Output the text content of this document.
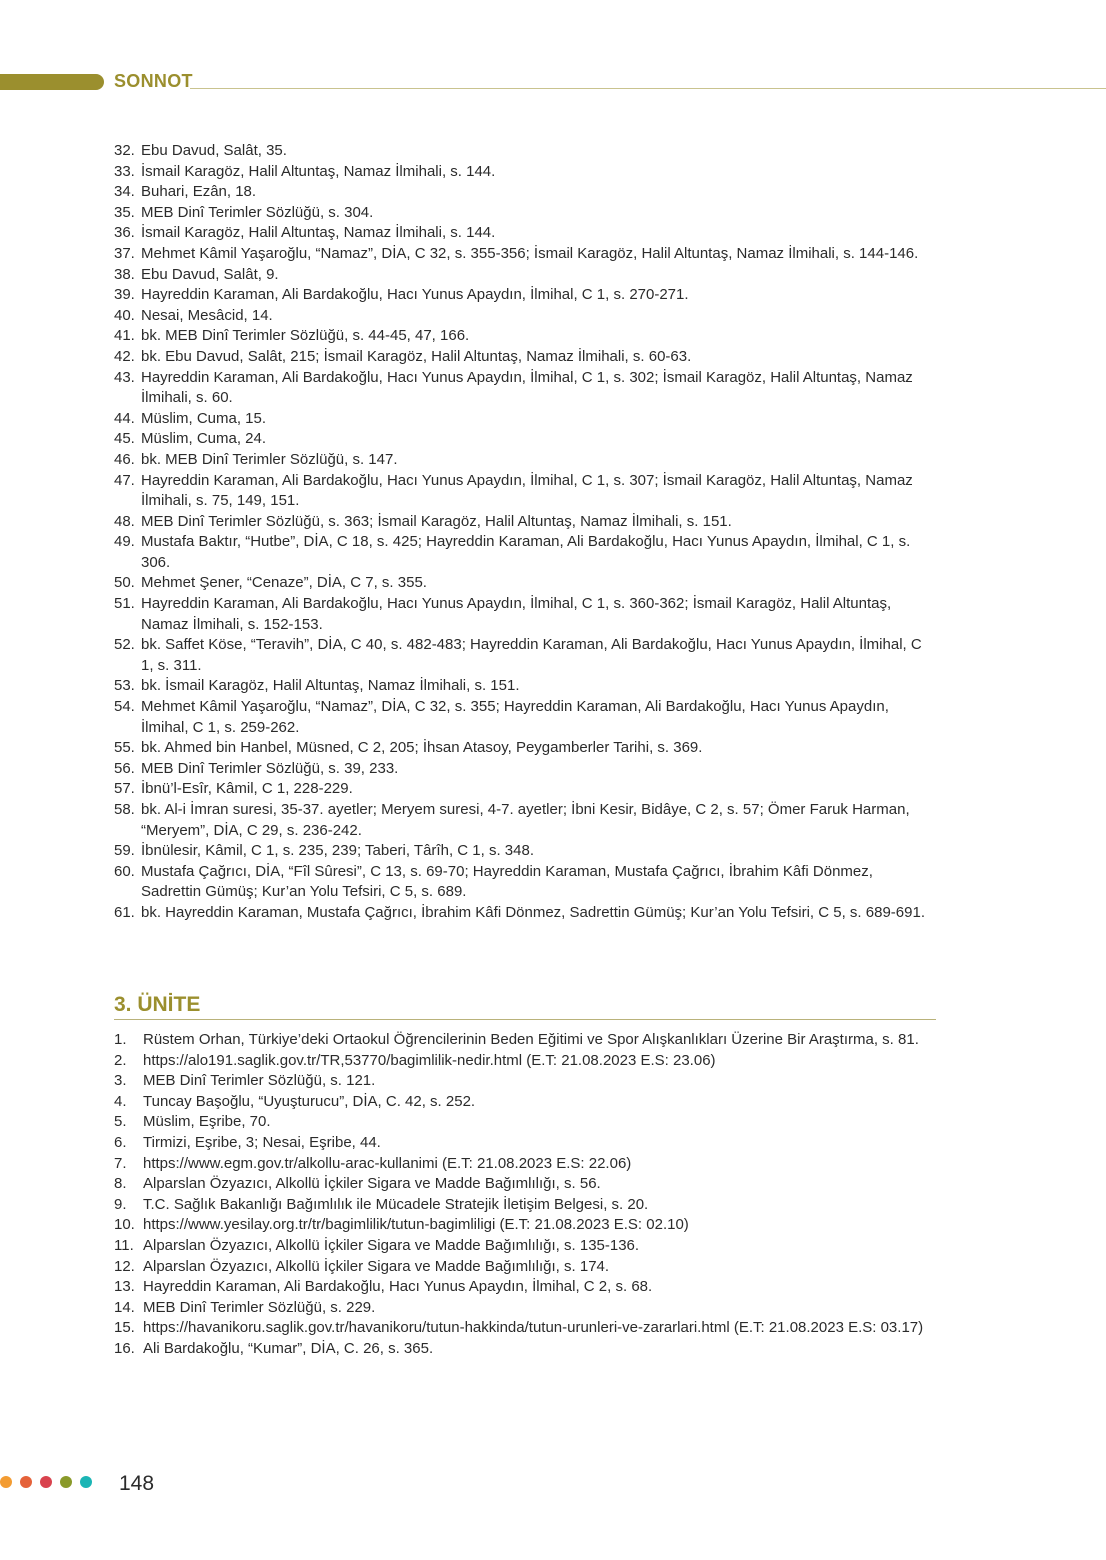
SONNOT
32. Ebu Davud, Salât, 35.
33. İsmail Karagöz, Halil Altuntaş, Namaz İlmihali, s. 144.
34. Buhari, Ezân, 18.
35. MEB Dinî Terimler Sözlüğü, s. 304.
36. İsmail Karagöz, Halil Altuntaş, Namaz İlmihali, s. 144.
37. Mehmet Kâmil Yaşaroğlu, “Namaz”, DİA, C 32, s. 355-356; İsmail Karagöz, Halil Altuntaş, Namaz İlmihali, s. 144-146.
38. Ebu Davud, Salât, 9.
39. Hayreddin Karaman, Ali Bardakoğlu, Hacı Yunus Apaydın, İlmihal, C 1, s. 270-271.
40. Nesai, Mesâcid, 14.
41. bk. MEB Dinî Terimler Sözlüğü, s. 44-45, 47, 166.
42. bk. Ebu Davud, Salât, 215; İsmail Karagöz, Halil Altuntaş, Namaz İlmihali, s. 60-63.
43. Hayreddin Karaman, Ali Bardakoğlu, Hacı Yunus Apaydın, İlmihal, C 1, s. 302; İsmail Karagöz, Halil Altuntaş, Namaz İlmihali, s. 60.
44. Müslim, Cuma, 15.
45. Müslim, Cuma, 24.
46. bk. MEB Dinî Terimler Sözlüğü, s. 147.
47. Hayreddin Karaman, Ali Bardakoğlu, Hacı Yunus Apaydın, İlmihal, C 1, s. 307; İsmail Karagöz, Halil Altuntaş, Namaz İlmihali, s. 75, 149, 151.
48. MEB Dinî Terimler Sözlüğü, s. 363; İsmail Karagöz, Halil Altuntaş, Namaz İlmihali, s. 151.
49. Mustafa Baktır, “Hutbe”, DİA, C 18, s. 425; Hayreddin Karaman, Ali Bardakoğlu, Hacı Yunus Apaydın, İlmihal, C 1, s. 306.
50. Mehmet Şener, “Cenaze”, DİA, C 7, s. 355.
51. Hayreddin Karaman, Ali Bardakoğlu, Hacı Yunus Apaydın, İlmihal, C 1, s. 360-362; İsmail Karagöz, Halil Altuntaş, Namaz İlmihali, s. 152-153.
52. bk. Saffet Köse, “Teravih”, DİA, C 40, s. 482-483; Hayreddin Karaman, Ali Bardakoğlu, Hacı Yunus Apaydın, İlmihal, C 1, s. 311.
53. bk. İsmail Karagöz, Halil Altuntaş, Namaz İlmihali, s. 151.
54. Mehmet Kâmil Yaşaroğlu, “Namaz”, DİA, C 32, s. 355; Hayreddin Karaman, Ali Bardakoğlu, Hacı Yunus Apaydın, İlmihal, C 1, s. 259-262.
55. bk. Ahmed bin Hanbel, Müsned, C 2, 205; İhsan Atasoy, Peygamberler Tarihi, s. 369.
56. MEB Dinî Terimler Sözlüğü, s. 39, 233.
57. İbnü’l-Esîr, Kâmil, C 1, 228-229.
58. bk. Al-i İmran suresi, 35-37. ayetler; Meryem suresi, 4-7. ayetler; İbni Kesir, Bidâye, C 2, s. 57; Ömer Faruk Harman, “Meryem”, DİA, C 29, s. 236-242.
59. İbnülesir, Kâmil, C 1, s. 235, 239; Taberi, Târîh, C 1, s. 348.
60. Mustafa Çağrıcı, DİA, “Fîl Sûresi”, C 13, s. 69-70; Hayreddin Karaman, Mustafa Çağrıcı, İbrahim Kâfi Dönmez, Sadrettin Gümüş; Kur’an Yolu Tefsiri, C 5, s. 689.
61. bk. Hayreddin Karaman, Mustafa Çağrıcı, İbrahim Kâfi Dönmez, Sadrettin Gümüş; Kur’an Yolu Tefsiri, C 5, s. 689-691.
3. ÜNİTE
1.	Rüstem Orhan, Türkiye’deki Ortaokul Öğrencilerinin Beden Eğitimi ve Spor Alışkanlıkları Üzerine Bir Araştırma, s. 81.
2.	https://alo191.saglik.gov.tr/TR,53770/bagimlilik-nedir.html (E.T: 21.08.2023 E.S: 23.06)
3.	MEB Dinî Terimler Sözlüğü, s. 121.
4.	Tuncay Başoğlu, “Uyuşturucu”, DİA, C. 42, s. 252.
5.	Müslim, Eşribe, 70.
6.	Tirmizi, Eşribe, 3; Nesai, Eşribe, 44.
7.	https://www.egm.gov.tr/alkollu-arac-kullanimi (E.T: 21.08.2023 E.S: 22.06)
8.	Alparslan Özyazıcı, Alkollü İçkiler Sigara ve Madde Bağımlılığı, s. 56.
9.	T.C. Sağlık Bakanlığı Bağımlılık ile Mücadele Stratejik İletişim Belgesi, s. 20.
10. https://www.yesilay.org.tr/tr/bagimlilik/tutun-bagimliligi (E.T: 21.08.2023 E.S: 02.10)
11. Alparslan Özyazıcı, Alkollü İçkiler Sigara ve Madde Bağımlılığı, s. 135-136.
12. Alparslan Özyazıcı, Alkollü İçkiler Sigara ve Madde Bağımlılığı, s. 174.
13. Hayreddin Karaman, Ali Bardakoğlu, Hacı Yunus Apaydın, İlmihal, C 2, s. 68.
14. MEB Dinî Terimler Sözlüğü, s. 229.
15. https://havanikoru.saglik.gov.tr/havanikoru/tutun-hakkinda/tutun-urunleri-ve-zararlari.html (E.T: 21.08.2023 E.S: 03.17)
16. Ali Bardakoğlu, “Kumar”, DİA, C. 26, s. 365.
148
